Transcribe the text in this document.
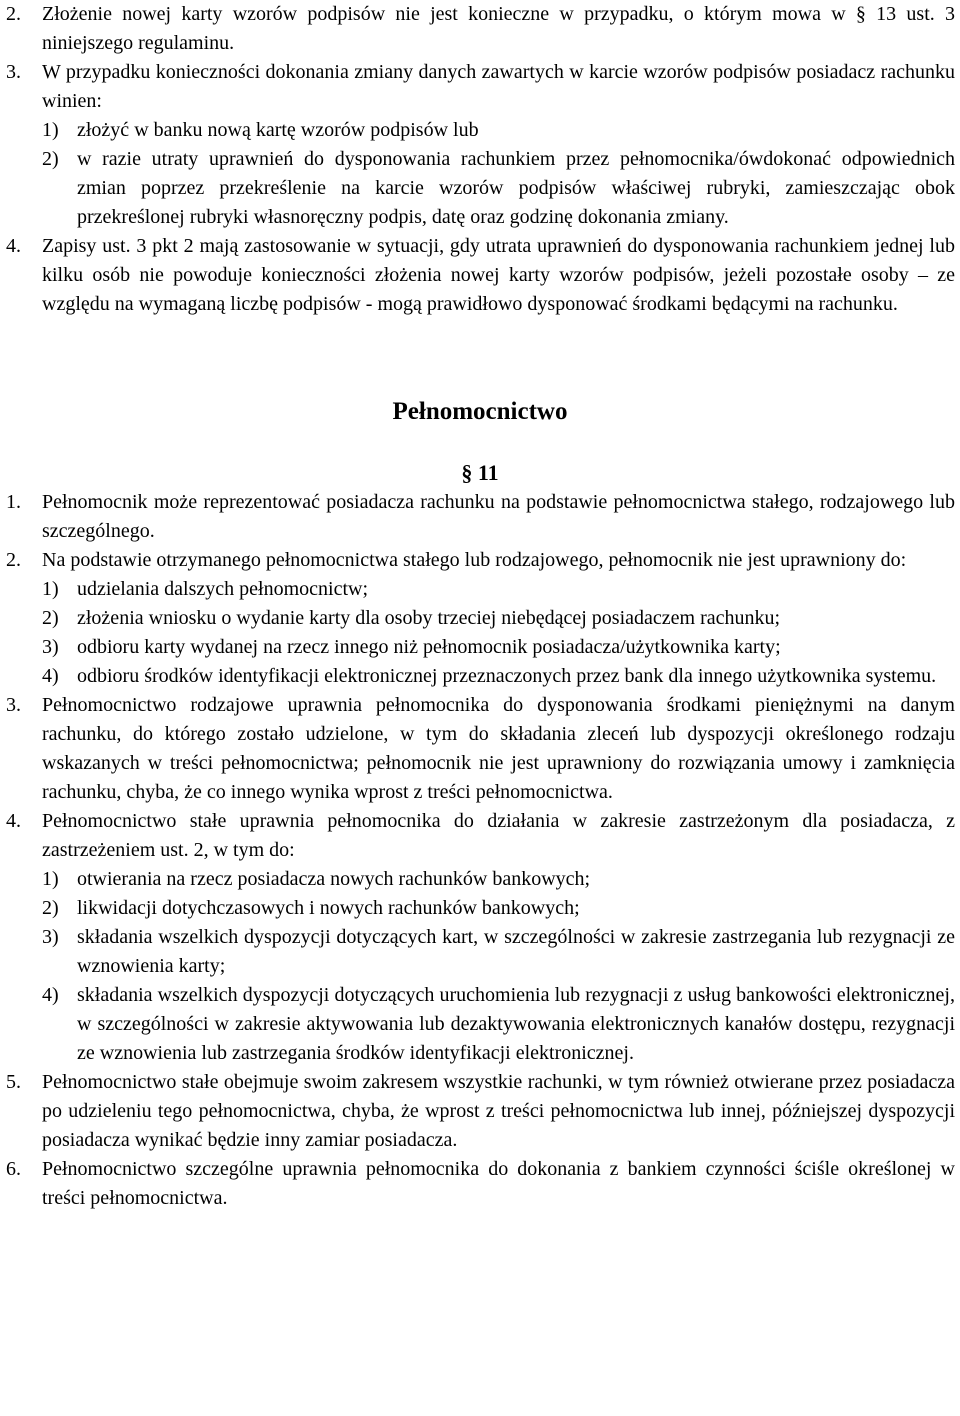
2. Złożenie nowej karty wzorów podpisów nie jest konieczne w przypadku, o którym mowa w § 13 ust. 3 niniejszego regulaminu.
3. W przypadku konieczności dokonania zmiany danych zawartych w karcie wzorów podpisów posiadacz rachunku winien:
1) złożyć w banku nową kartę wzorów podpisów lub
2) w razie utraty uprawnień do dysponowania rachunkiem przez pełnomocnika/ówdokonać odpowiednich zmian poprzez przekreślenie na karcie wzorów podpisów właściwej rubryki, zamieszczając obok przekreślonej rubryki własnoręczny podpis, datę oraz godzinę dokonania zmiany.
4. Zapisy ust. 3 pkt 2 mają zastosowanie w sytuacji, gdy utrata uprawnień do dysponowania rachunkiem jednej lub kilku osób nie powoduje konieczności złożenia nowej karty wzorów podpisów, jeżeli pozostałe osoby – ze względu na wymaganą liczbę podpisów - mogą prawidłowo dysponować środkami będącymi na rachunku.
Pełnomocnictwo
§ 11
1. Pełnomocnik może reprezentować posiadacza rachunku na podstawie pełnomocnictwa stałego, rodzajowego lub szczególnego.
2. Na podstawie otrzymanego pełnomocnictwa stałego lub rodzajowego, pełnomocnik nie jest uprawniony do:
1) udzielania dalszych pełnomocnictw;
2) złożenia wniosku o wydanie karty dla osoby trzeciej niebędącej posiadaczem rachunku;
3) odbioru karty wydanej na rzecz innego niż pełnomocnik posiadacza/użytkownika karty;
4) odbioru środków identyfikacji elektronicznej przeznaczonych przez bank dla innego użytkownika systemu.
3. Pełnomocnictwo rodzajowe uprawnia pełnomocnika do dysponowania środkami pieniężnymi na danym rachunku, do którego zostało udzielone, w tym do składania zleceń lub dyspozycji określonego rodzaju wskazanych w treści pełnomocnictwa; pełnomocnik nie jest uprawniony do rozwiązania umowy i zamknięcia rachunku, chyba, że co innego wynika wprost z treści pełnomocnictwa.
4. Pełnomocnictwo stałe uprawnia pełnomocnika do działania w zakresie zastrzeżonym dla posiadacza, z zastrzeżeniem ust. 2, w tym do:
1) otwierania na rzecz posiadacza nowych rachunków bankowych;
2) likwidacji dotychczasowych i nowych rachunków bankowych;
3) składania wszelkich dyspozycji dotyczących kart, w szczególności w zakresie zastrzegania lub rezygnacji ze wznowienia karty;
4) składania wszelkich dyspozycji dotyczących uruchomienia lub rezygnacji z usług bankowości elektronicznej, w szczególności w zakresie aktywowania lub dezaktywowania elektronicznych kanałów dostępu, rezygnacji ze wznowienia lub zastrzegania środków identyfikacji elektronicznej.
5. Pełnomocnictwo stałe obejmuje swoim zakresem wszystkie rachunki, w tym również otwierane przez posiadacza po udzieleniu tego pełnomocnictwa, chyba, że wprost z treści pełnomocnictwa lub innej, późniejszej dyspozycji posiadacza wynikać będzie inny zamiar posiadacza.
6. Pełnomocnictwo szczególne uprawnia pełnomocnika do dokonania z bankiem czynności ściśle określonej w treści pełnomocnictwa.
